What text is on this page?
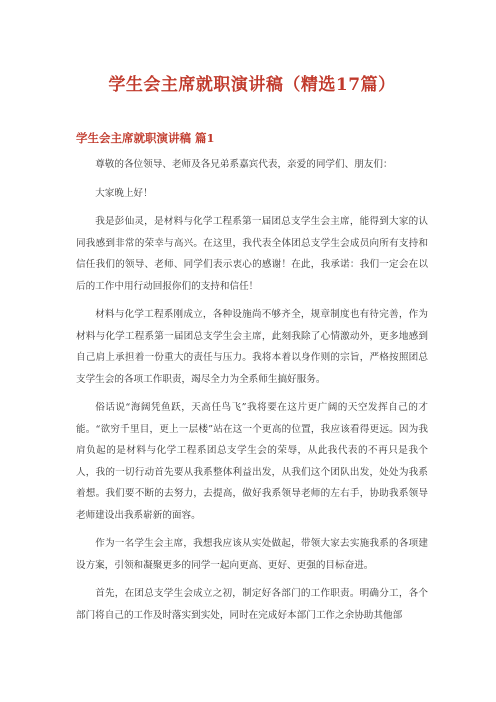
学生会主席就职演讲稿（精选17篇）
学生会主席就职演讲稿 篇1

尊敬的各位领导、老师及各兄弟系嘉宾代表，亲爱的同学们、朋友们：

大家晚上好！

我是彭仙灵，是材料与化学工程系第一届团总支学生会主席，能得到大家的认同我感到非常的荣幸与高兴。在这里，我代表全体团总支学生会成员向所有支持和信任我们的领导、老师、同学们表示衷心的感谢！在此，我承诺：我们一定会在以后的工作中用行动回报你们的支持和信任！

材料与化学工程系刚成立，各种设施尚不够齐全，规章制度也有待完善，作为材料与化学工程系第一届团总支学生会主席，此刻我除了心情激动外，更多地感到自己肩上承担着一份重大的责任与压力。我将本着以身作则的宗旨，严格按照团总支学生会的各项工作职责，竭尽全力为全系师生搞好服务。

俗话说“海阔凭鱼跃，天高任鸟飞”我将要在这片更广阔的天空发挥自己的才能。“欲穷千里目，更上一层楼”站在这一个更高的位置，我应该看得更远。因为我肩负起的是材料与化学工程系团总支学生会的荣辱，从此我代表的不再只是我个人，我的一切行动首先要从我系整体利益出发，从我们这个团队出发，处处为我系着想。我们要不断的去努力，去提高，做好我系领导老师的左右手，协助我系领导老师建设出我系崭新的面容。

作为一名学生会主席，我想我应该从实处做起，带领大家去实施我系的各项建设方案，引领和凝聚更多的同学一起向更高、更好、更强的目标奋进。

首先，在团总支学生会成立之初，制定好各部门的工作职责。明确分工，各个部门将自己的工作及时落实到实处，同时在完成好本部门工作之余协助其他部
